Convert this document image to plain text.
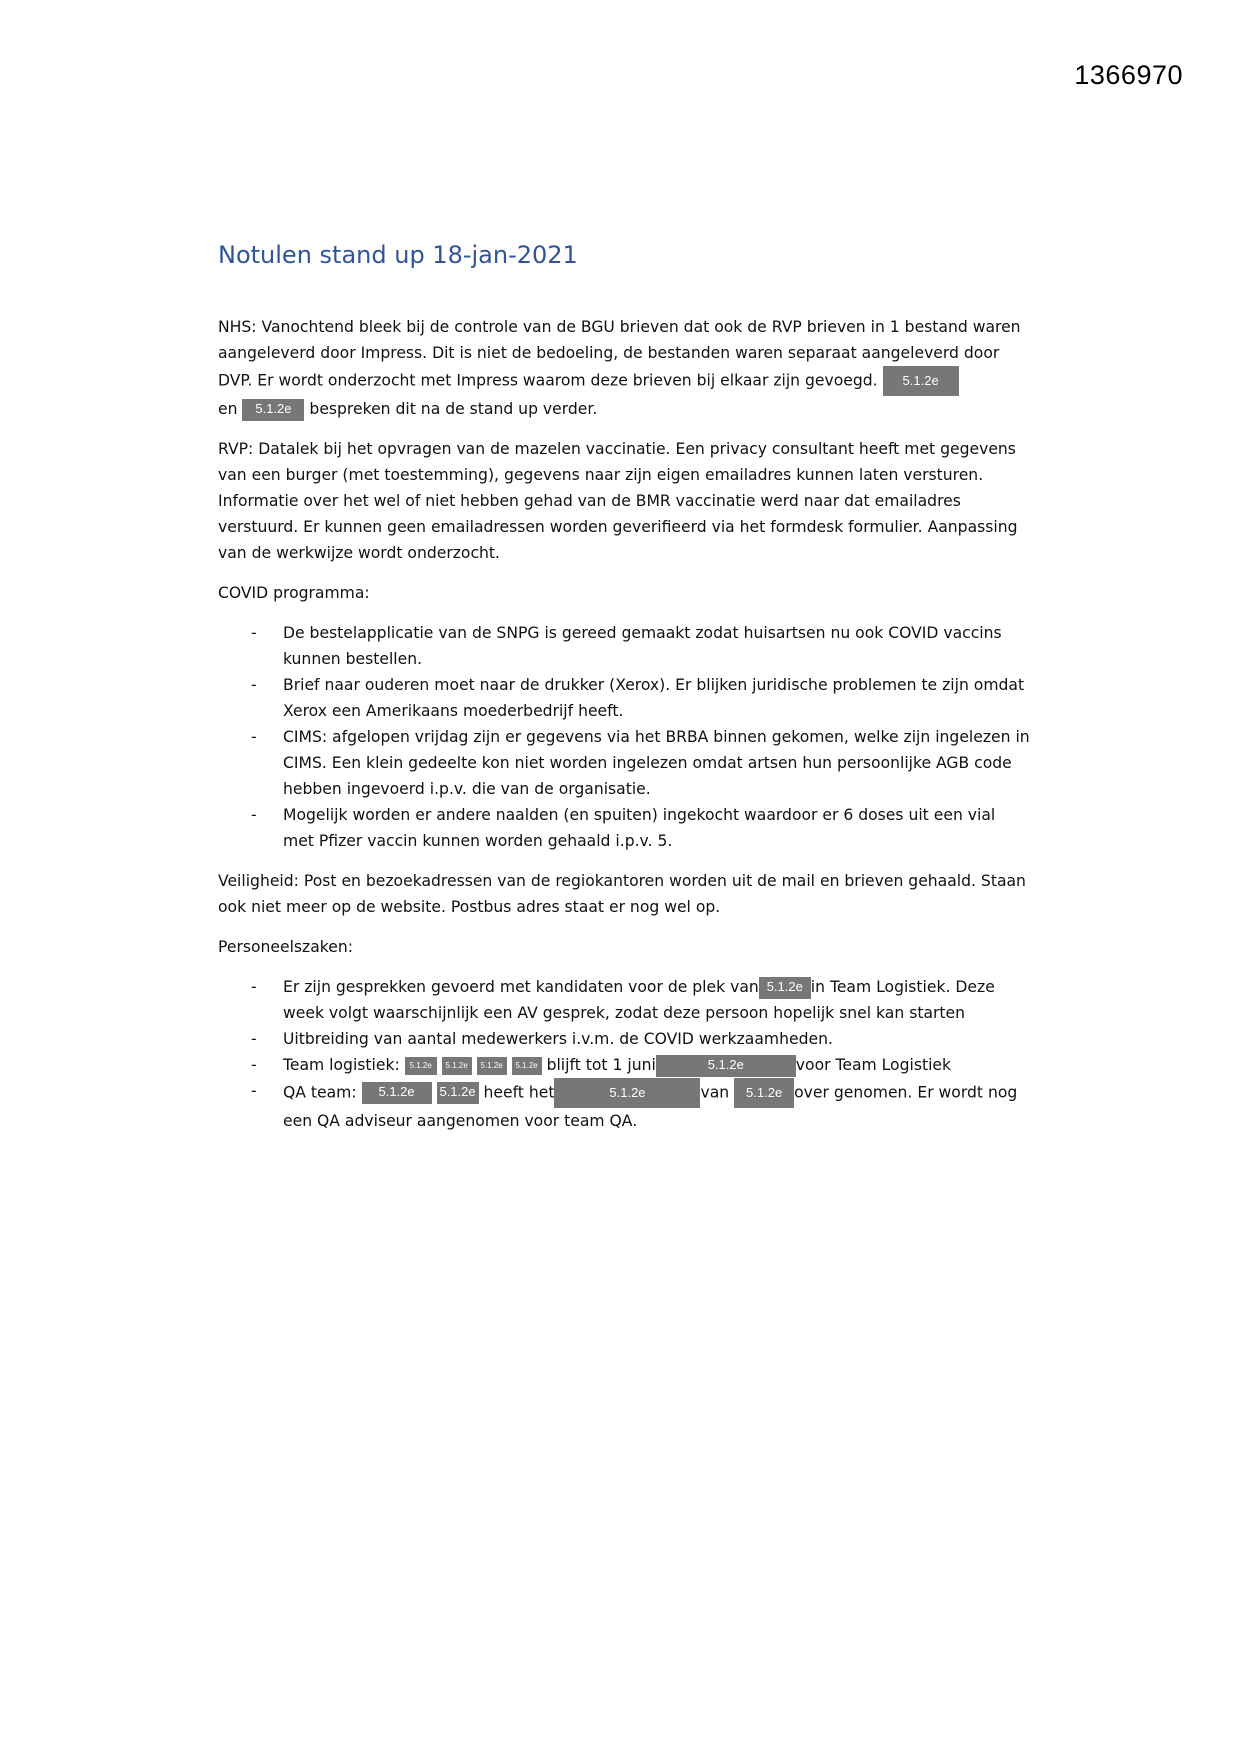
1366970
Notulen stand up 18-jan-2021

NHS: Vanochtend bleek bij de controle van de BGU brieven dat ook de RVP brieven in 1 bestand waren aangeleverd door Impress. Dit is niet de bedoeling, de bestanden waren separaat aangeleverd door DVP. Er wordt onderzocht met Impress waarom deze brieven bij elkaar zijn gevoegd. 5.1.2e
en 5.1.2e bespreken dit na de stand up verder.

RVP: Datalek bij het opvragen van de mazelen vaccinatie. Een privacy consultant heeft met gegevens van een burger (met toestemming), gegevens naar zijn eigen emailadres kunnen laten versturen. Informatie over het wel of niet hebben gehad van de BMR vaccinatie werd naar dat emailadres verstuurd. Er kunnen geen emailadressen worden geverifieerd via het formdesk formulier. Aanpassing van de werkwijze wordt onderzocht.

COVID programma:

- De bestelapplicatie van de SNPG is gereed gemaakt zodat huisartsen nu ook COVID vaccins kunnen bestellen.
- Brief naar ouderen moet naar de drukker (Xerox). Er blijken juridische problemen te zijn omdat Xerox een Amerikaans moederbedrijf heeft.
- CIMS: afgelopen vrijdag zijn er gegevens via het BRBA binnen gekomen, welke zijn ingelezen in CIMS. Een klein gedeelte kon niet worden ingelezen omdat artsen hun persoonlijke AGB code hebben ingevoerd i.p.v. die van de organisatie.
- Mogelijk worden er andere naalden (en spuiten) ingekocht waardoor er 6 doses uit een vial met Pfizer vaccin kunnen worden gehaald i.p.v. 5.

Veiligheid: Post en bezoekadressen van de regiokantoren worden uit de mail en brieven gehaald. Staan ook niet meer op de website. Postbus adres staat er nog wel op.

Personeelszaken:

- Er zijn gesprekken gevoerd met kandidaten voor de plek van 5.1.2e in Team Logistiek. Deze week volgt waarschijnlijk een AV gesprek, zodat deze persoon hopelijk snel kan starten
- Uitbreiding van aantal medewerkers i.v.m. de COVID werkzaamheden.
- Team logistiek: 5.1.2e 5.1.2e 5.1.2e 5.1.2e blijft tot 1 juni	5.1.2e	voor Team Logistiek
- QA team: 5.1.2e 5.1.2e heeft het	5.1.2e	van 5.1.2e over genomen. Er wordt nog een QA adviseur aangenomen voor team QA.
